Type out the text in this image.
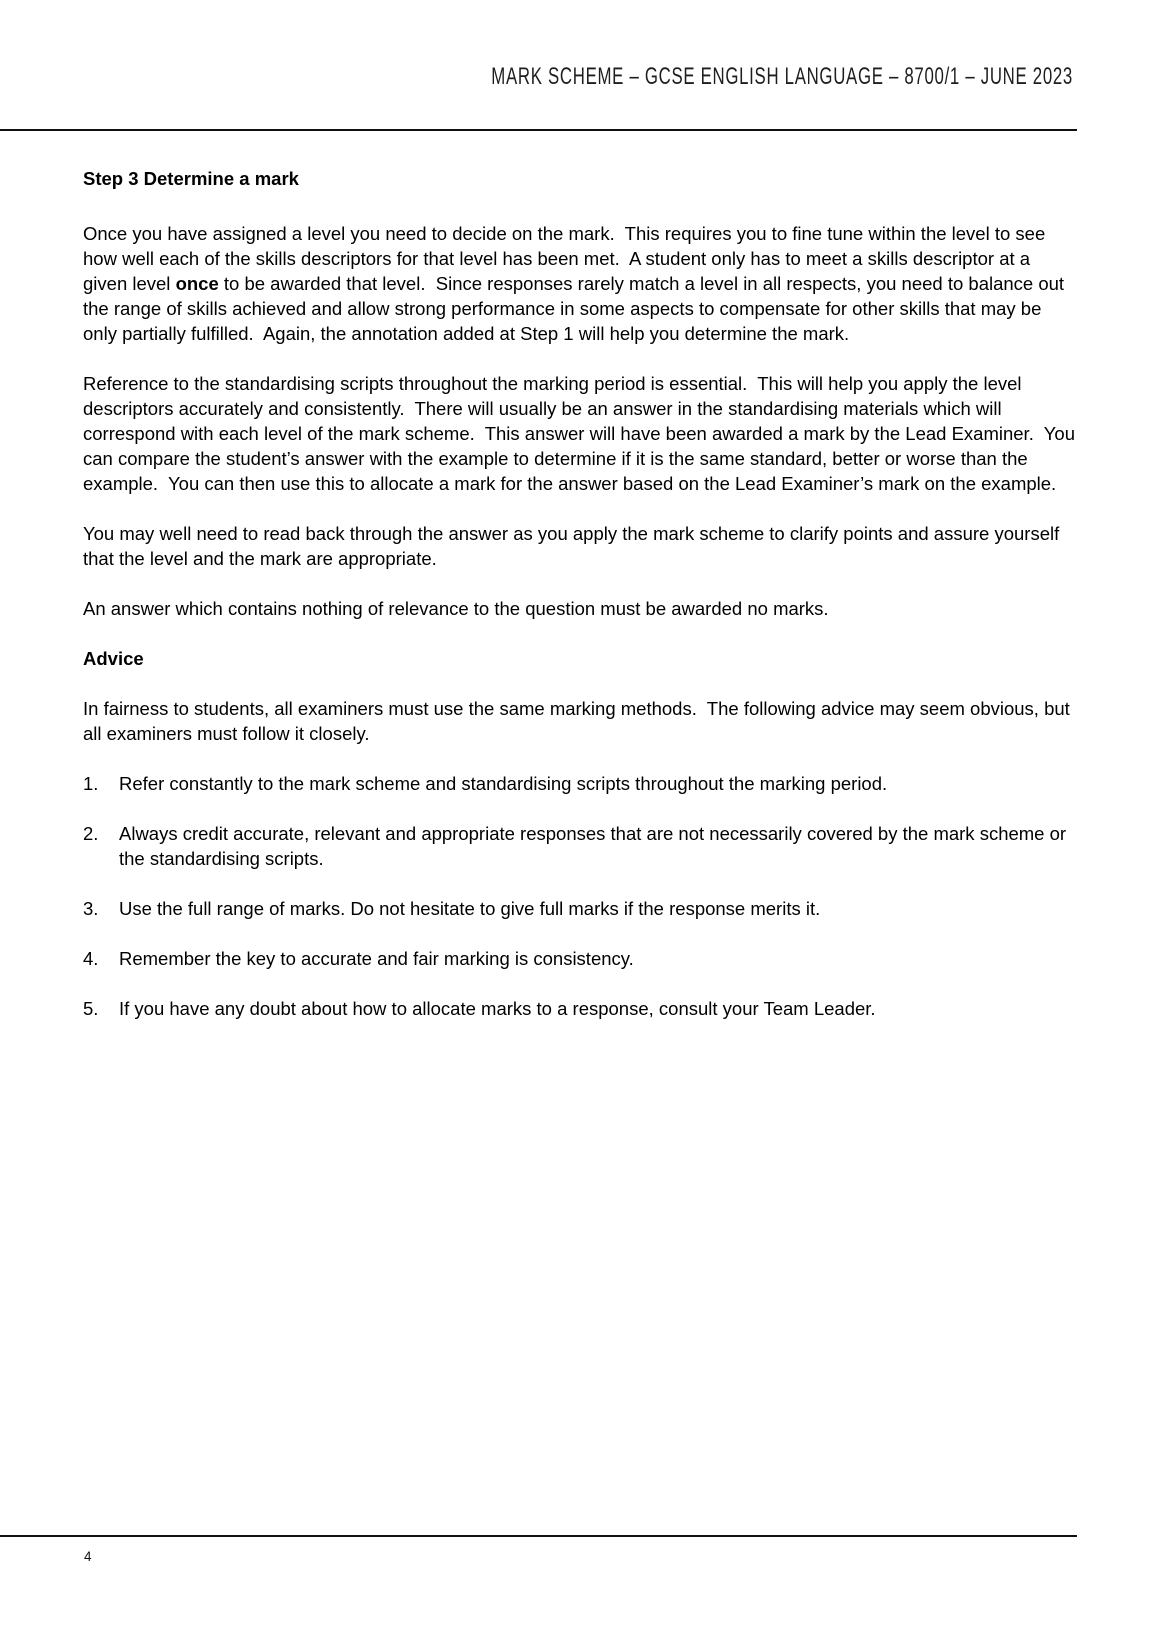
MARK SCHEME – GCSE ENGLISH LANGUAGE – 8700/1 – JUNE 2023
Step 3 Determine a mark

Once you have assigned a level you need to decide on the mark.  This requires you to fine tune within the level to see how well each of the skills descriptors for that level has been met.  A student only has to meet a skills descriptor at a given level once to be awarded that level.  Since responses rarely match a level in all respects, you need to balance out the range of skills achieved and allow strong performance in some aspects to compensate for other skills that may be only partially fulfilled.  Again, the annotation added at Step 1 will help you determine the mark.

Reference to the standardising scripts throughout the marking period is essential.  This will help you apply the level descriptors accurately and consistently.  There will usually be an answer in the standardising materials which will correspond with each level of the mark scheme.  This answer will have been awarded a mark by the Lead Examiner.  You can compare the student’s answer with the example to determine if it is the same standard, better or worse than the example.  You can then use this to allocate a mark for the answer based on the Lead Examiner’s mark on the example.

You may well need to read back through the answer as you apply the mark scheme to clarify points and assure yourself that the level and the mark are appropriate.

An answer which contains nothing of relevance to the question must be awarded no marks.

Advice

In fairness to students, all examiners must use the same marking methods.  The following advice may seem obvious, but all examiners must follow it closely.

1.	Refer constantly to the mark scheme and standardising scripts throughout the marking period.
2.	Always credit accurate, relevant and appropriate responses that are not necessarily covered by the mark scheme or the standardising scripts.
3.	Use the full range of marks. Do not hesitate to give full marks if the response merits it.
4.	Remember the key to accurate and fair marking is consistency.
5.	If you have any doubt about how to allocate marks to a response, consult your Team Leader.
4
